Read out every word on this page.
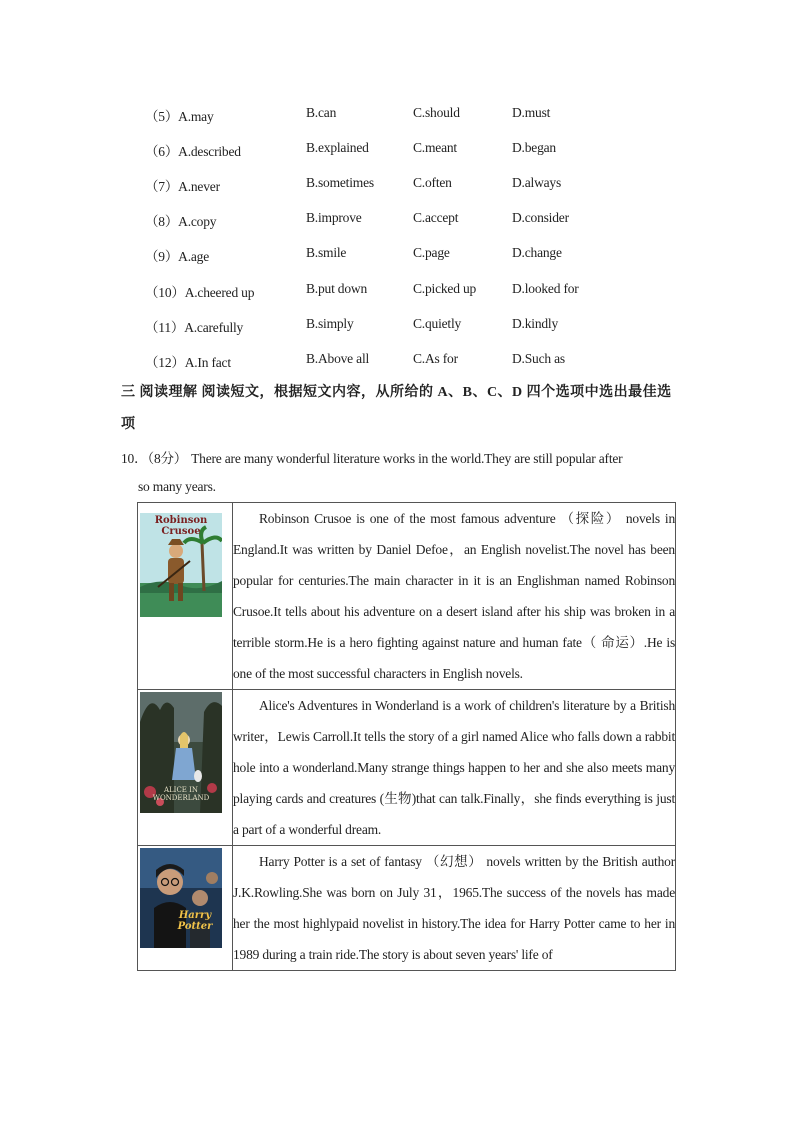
（5）A.may	B.can	C.should	D.must
（6）A.described	B.explained	C.meant	D.began
（7）A.never	B.sometimes	C.often	D.always
（8）A.copy	B.improve	C.accept	D.consider
（9）A.age	B.smile	C.page	D.change
（10）A.cheered up	B.put down	C.picked up	D.looked for
（11）A.carefully	B.simply	C.quietly	D.kindly
（12）A.In fact	B.Above all	C.As for	D.Such as
三 阅读理解 阅读短文，根据短文内容，从所给的 A、B、C、D 四个选项中选出最佳选项
10．（8分） There are many wonderful literature works in the world.They are still popular after
so many years.
Robinson Crusoe	Robinson Crusoe is one of the most famous adventure （探险） novels in England.It was written by Daniel Defoe，an English novelist.The novel has been popular for centuries.The main character in it is an Englishman named Robinson Crusoe.It tells about his adventure on a desert island after his ship was broken in a terrible storm.He is a hero fighting against nature and human fate（ 命运）.He is one of the most successful characters in English novels.

ALICE IN WONDERLAND	Alice's Adventures in Wonderland is a work of children's literature by a British writer，Lewis Carroll.It tells the story of a girl named Alice who falls down a rabbit hole into a wonderland.Many strange things happen to her and she also meets many playing cards and creatures (生物)that can talk.Finally，she finds everything is just a part of a wonderful dream.

Harry Potter	Harry Potter is a set of fantasy （幻想） novels written by the British author J.K.Rowling.She was born on July 31，1965.The success of the novels has made her the most highlypaid novelist in history.The idea for Harry Potter came to her in 1989 during a train ride.The story is about seven years' life of
